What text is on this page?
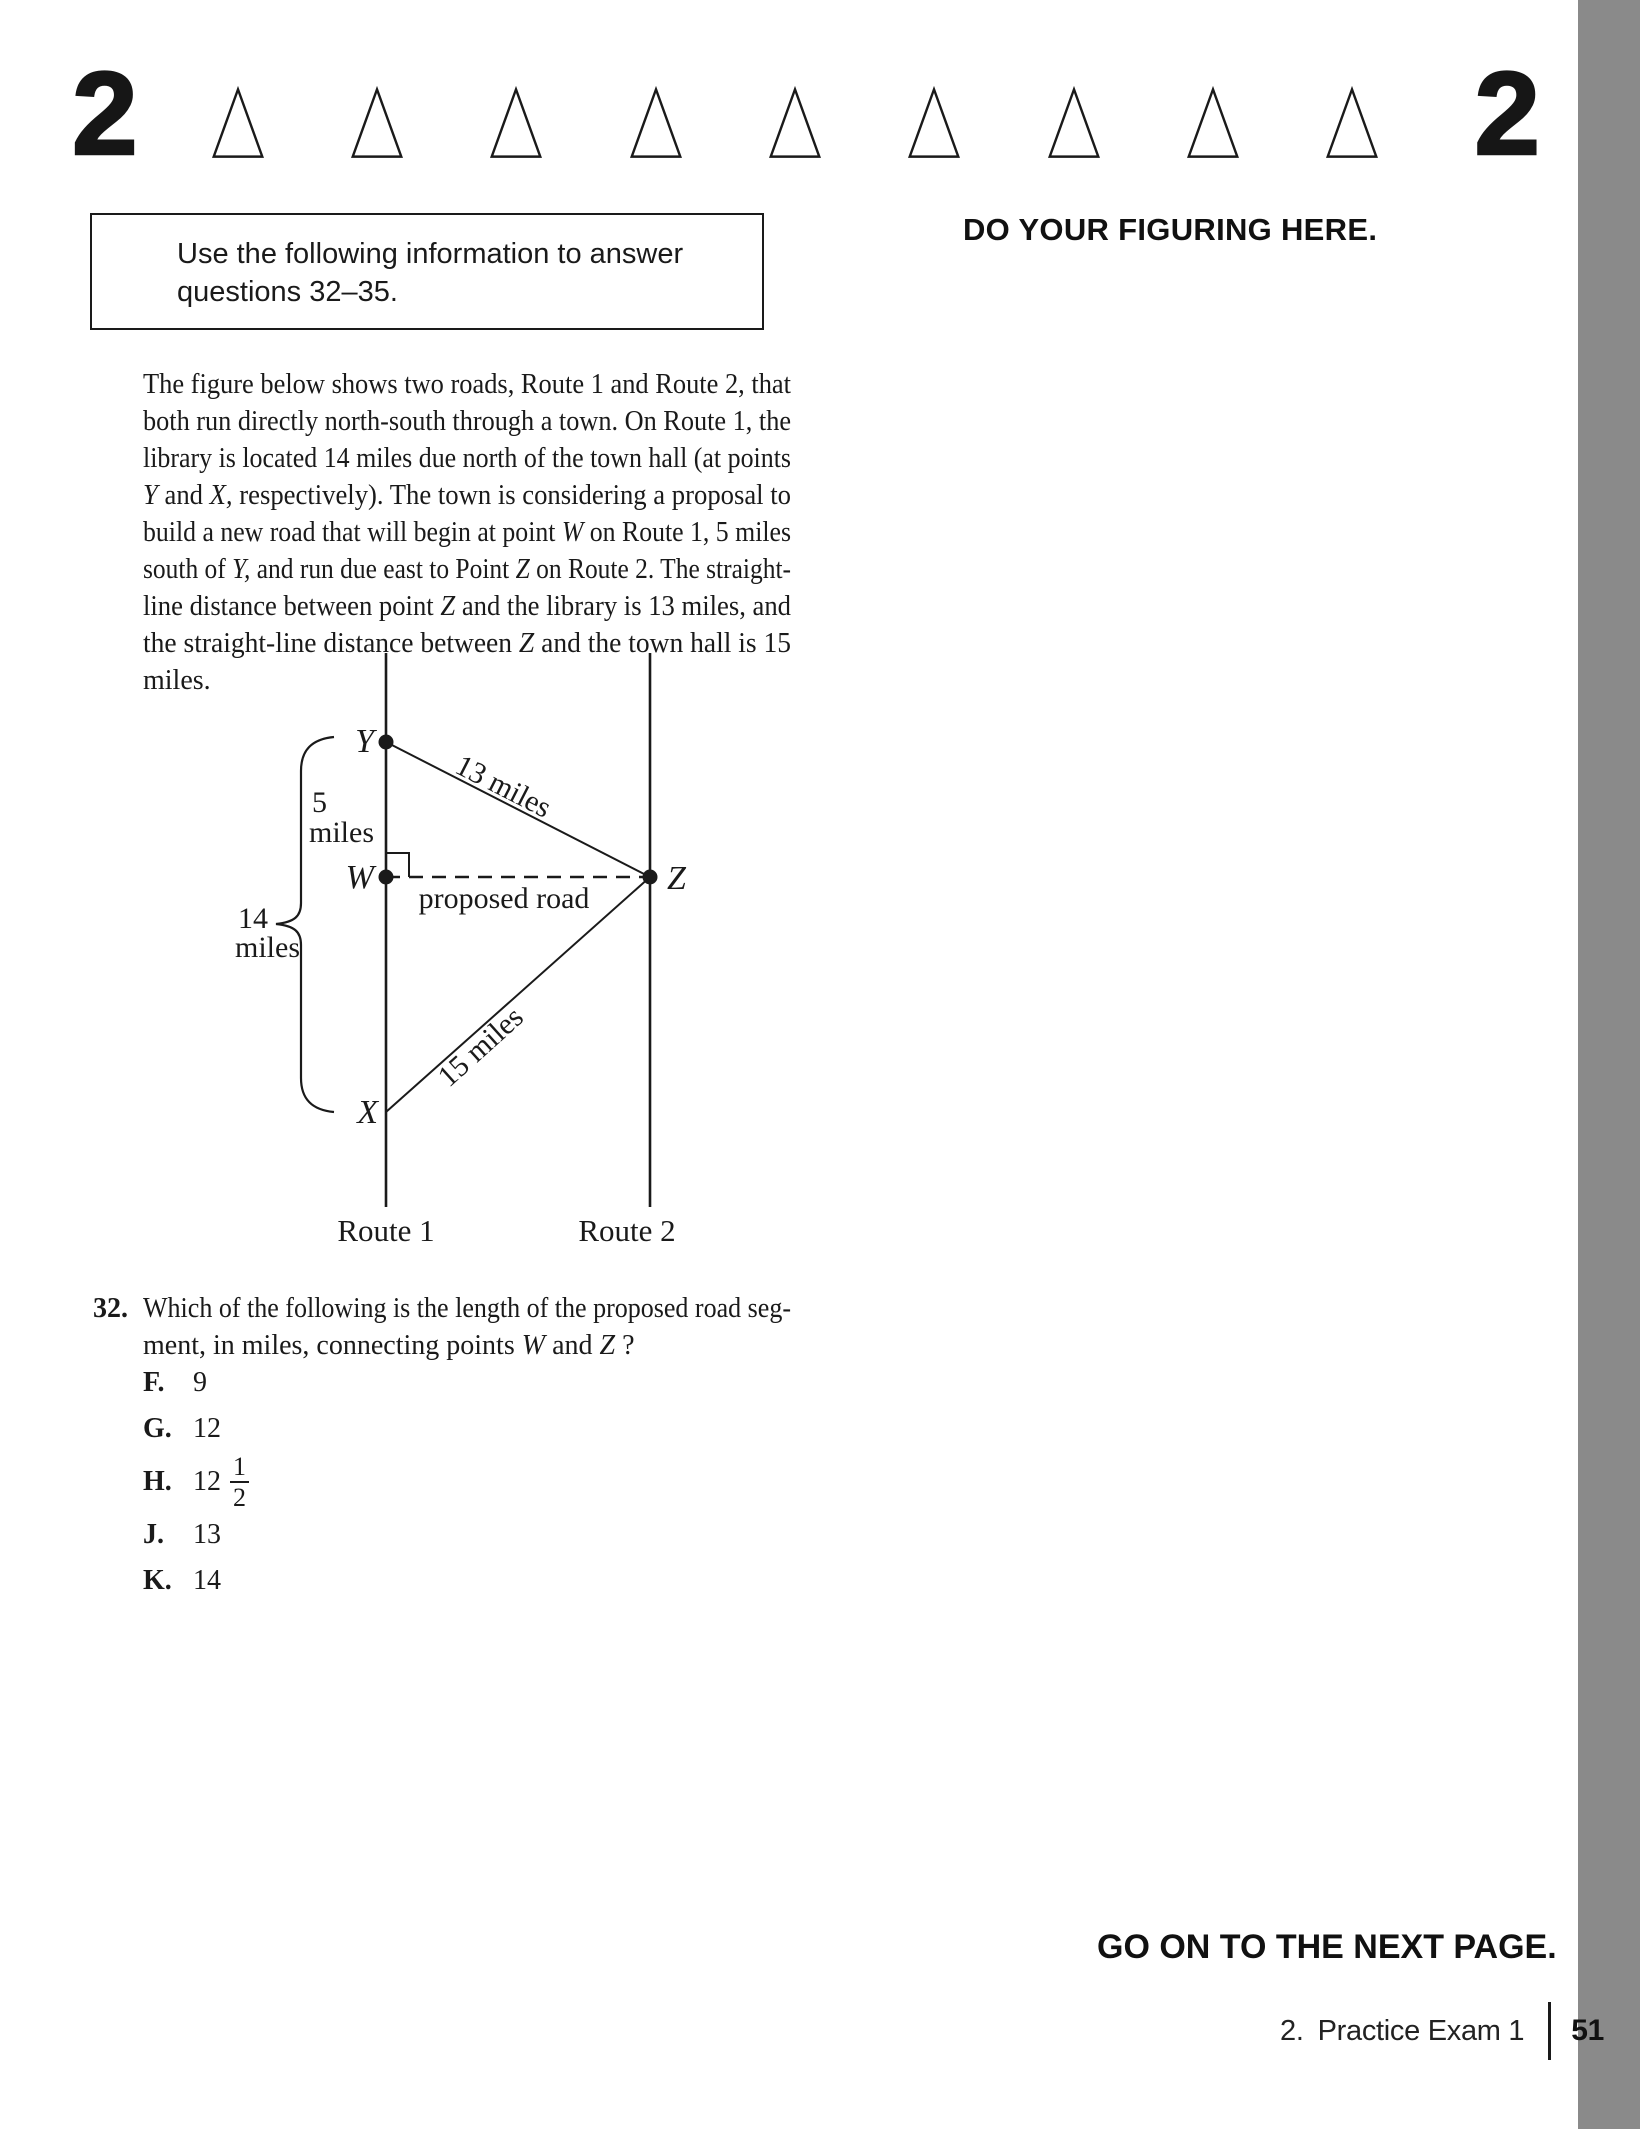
2	2
Use the following information to answer
questions 32–35.
DO YOUR FIGURING HERE.
The figure below shows two roads, Route 1 and Route 2, that
both run directly north-south through a town. On Route 1, the
library is located 14 miles due north of the town hall (at points
Y and X, respectively). The town is considering a proposal to
build a new road that will begin at point W on Route 1, 5 miles
south of Y, and run due east to Point Z on Route 2. The straight-
line distance between point Z and the library is 13 miles, and
the straight-line distance between Z and the town hall is 15
miles.
Y
W
X
Z
5
miles
14
miles
13 miles
15 miles
proposed road
Route 1	Route 2
32. Which of the following is the length of the proposed road seg-
ment, in miles, connecting points W and Z ?
F.	9
G. 12
H. $12 \frac{1}{2}$
J.	13
K. 14
GO ON TO THE NEXT PAGE.
2. Practice Exam 1 51
